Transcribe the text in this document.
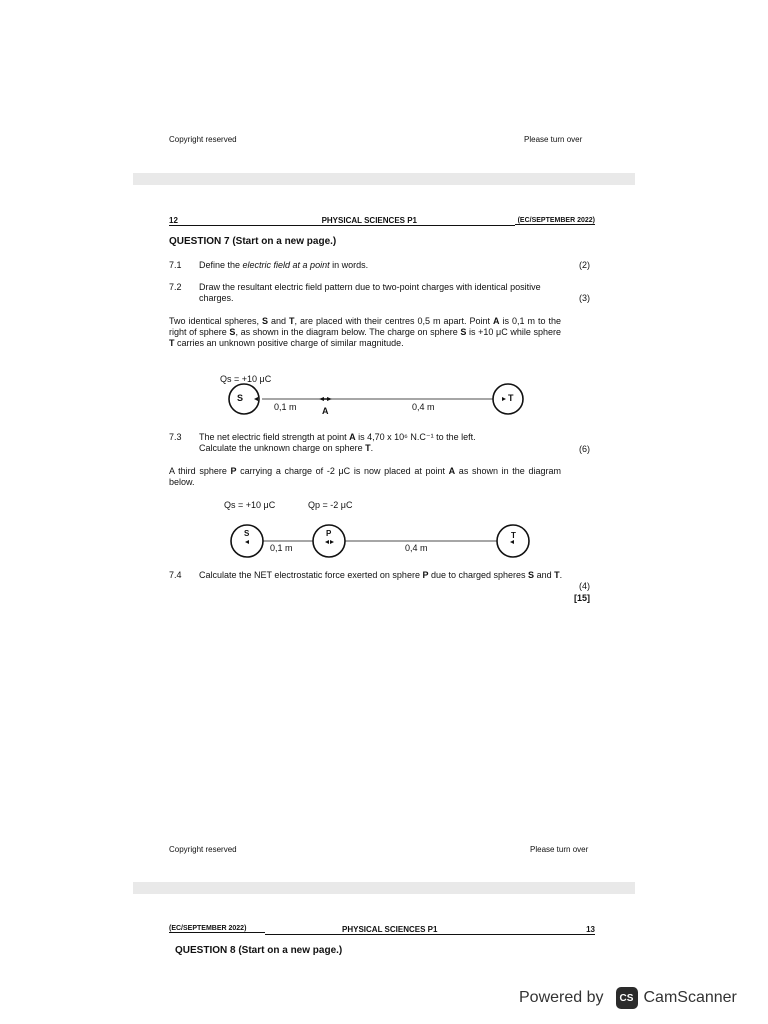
Copyright reserved	Please turn over
12	PHYSICAL SCIENCES P1	(EC/SEPTEMBER 2022)
QUESTION 7 (Start on a new page.)
7.1 Define the electric field at a point in words.	(2)
7.2 Draw the resultant electric field pattern due to two-point charges with identical positive charges.	(3)
Two identical spheres, S and T, are placed with their centres 0,5 m apart. Point A is 0,1 m to the right of sphere S, as shown in the diagram below. The charge on sphere S is +10 μC while sphere T carries an unknown positive charge of similar magnitude.
Qs = +10 μC
S	T
0,1 m	A	0,4 m
7.3 The net electric field strength at point A is 4,70 x 10⁶ N.C⁻¹ to the left.
Calculate the unknown charge on sphere T.	(6)
A third sphere P carrying a charge of -2 μC is now placed at point A as shown in the diagram below.
Qs = +10 μC	Qp = -2 μC
S	P	T
0,1 m	0,4 m
7.4 Calculate the NET electrostatic force exerted on sphere P due to charged spheres S and T.
(4)
[15]
Copyright reserved	Please turn over
(EC/SEPTEMBER 2022)	PHYSICAL SCIENCES P1	13
QUESTION 8 (Start on a new page.)
Powered by	CS CamScanner
